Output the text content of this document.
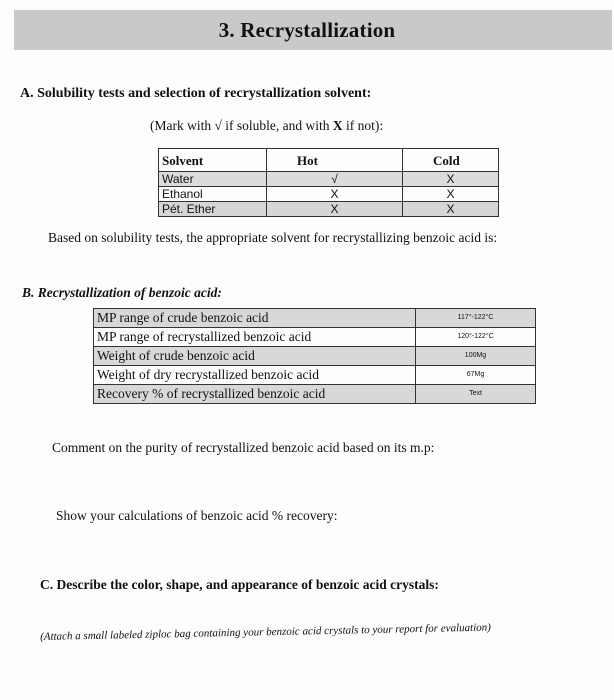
3. Recrystallization
A. Solubility tests and selection of recrystallization solvent:
(Mark with √ if soluble, and with X if not):
Solvent	Hot	Cold
Water	√	X
Ethanol	X	X
Pét. Ether	X	X
Based on solubility tests, the appropriate solvent for recrystallizing benzoic acid is:
B. Recrystallization of benzoic acid:
MP range of crude benzoic acid	117°-122°C
MP range of recrystallized benzoic acid	120°-122°C
Weight of crude benzoic acid	100Mg
Weight of dry recrystallized benzoic acid	67Mg
Recovery % of recrystallized benzoic acid	Text
Comment on the purity of recrystallized benzoic acid based on its m.p:
Show your calculations of benzoic acid % recovery:
C. Describe the color, shape, and appearance of benzoic acid crystals:
(Attach a small labeled ziploc bag containing your benzoic acid crystals to your report for evaluation)
